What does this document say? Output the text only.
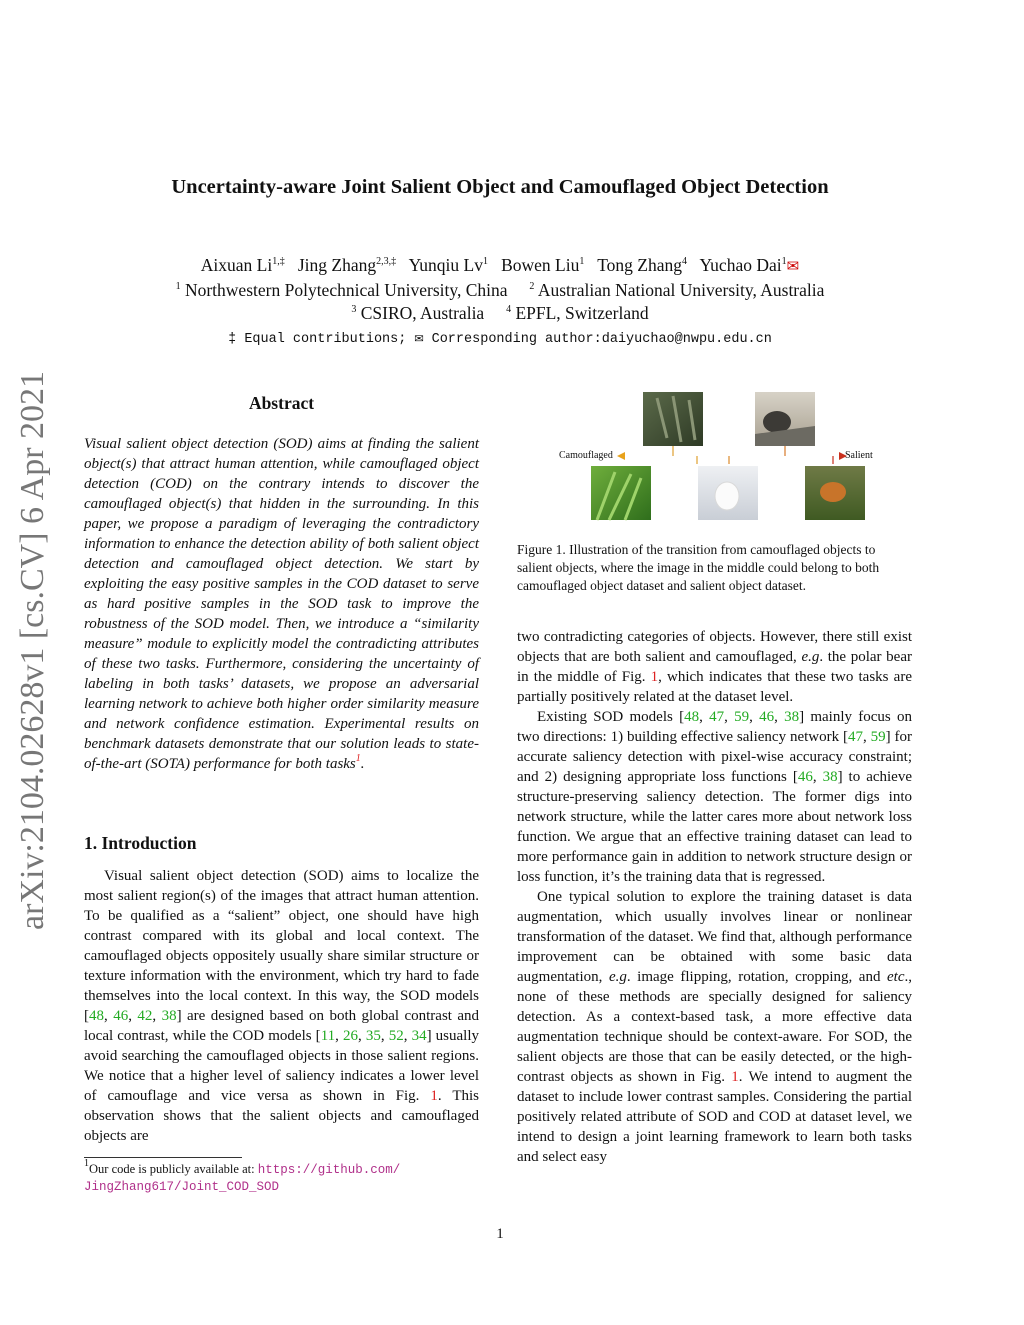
Uncertainty-aware Joint Salient Object and Camouflaged Object Detection
Aixuan $Li^{1,\ddagger}$ Jing Zhang$^{2,3,\ddagger}$ Yunqiu Lv$^1$ Bowen Liu$^1$ Tong Zhang$^4$ Yuchao Dai$^1$✉
$^1$ Northwestern Polytechnical University, China $^2$ Australian National University, Australia
$^3$ CSIRO, Australia $^4$ EPFL, Switzerland
‡ Equal contributions; ✉ Corresponding author:daiyuchao@nwpu.edu.cn
arXiv:2104.02628v1 [cs.CV] 6 Apr 2021	Abstract
Visual salient object detection (SOD) aims at finding the salient object(s) that attract human attention, while camouflaged object detection (COD) on the contrary intends to discover the camouflaged object(s) that hidden in the surrounding. In this paper, we propose a paradigm of leveraging the contradictory information to enhance the detection ability of both salient object detection and camouflaged object detection. We start by exploiting the easy positive samples in the COD dataset to serve as hard positive samples in the SOD task to improve the robustness of the SOD model. Then, we introduce a “similarity measure” module to explicitly model the contradicting attributes of these two tasks. Furthermore, considering the uncertainty of labeling in both tasks’ datasets, we propose an adversarial learning network to achieve both higher order similarity measure and network confidence estimation. Experimental results on benchmark datasets demonstrate that our solution leads to state-of-the-art (SOTA) performance for both tasks$^1$.
1. Introduction

Visual salient object detection (SOD) aims to localize the most salient region(s) of the images that attract human attention. To be qualified as a “salient” object, one should have high contrast compared with its global and local context. The camouflaged objects oppositely usually share similar structure or texture information with the environment, which try hard to fade themselves into the local context. In this way, the SOD models [48, 46, 42, 38] are designed based on both global contrast and local contrast, while the COD models [11, 26, 35, 52, 34] usually avoid searching the camouflaged objects in those salient regions. We notice that a higher level of saliency indicates a lower level of camouflage and vice versa as shown in Fig. 1. This observation shows that the salient objects and camouflaged objects are

$^1$Our code is publicly available at: https://github.com/
JingZhang617/Joint_COD_SOD
Camouflaged	Salient
Figure 1. Illustration of the transition from camouflaged objects to salient objects, where the image in the middle could belong to both camouflaged object dataset and salient object dataset.

two contradicting categories of objects. However, there still exist objects that are both salient and camouflaged, e.g. the polar bear in the middle of Fig. 1, which indicates that these two tasks are partially positively related at the dataset level.

Existing SOD models [48, 47, 59, 46, 38] mainly focus on two directions: 1) building effective saliency network [47, 59] for accurate saliency detection with pixel-wise accuracy constraint; and 2) designing appropriate loss functions [46, 38] to achieve structure-preserving saliency detection. The former digs into network structure, while the latter cares more about network loss function. We argue that an effective training dataset can lead to more performance gain in addition to network structure design or loss function, it’s the training data that is regressed.

One typical solution to explore the training dataset is data augmentation, which usually involves linear or nonlinear transformation of the dataset. We find that, although performance improvement can be obtained with some basic data augmentation, e.g. image flipping, rotation, cropping, and etc., none of these methods are specially designed for saliency detection. As a context-based task, a more effective data augmentation technique should be context-aware. For SOD, the salient objects are those that can be easily detected, or the high-contrast objects as shown in Fig. 1. We intend to augment the dataset to include lower contrast samples. Considering the partial positively related attribute of SOD and COD at dataset level, we intend to design a joint learning framework to learn both tasks and select easy

1
